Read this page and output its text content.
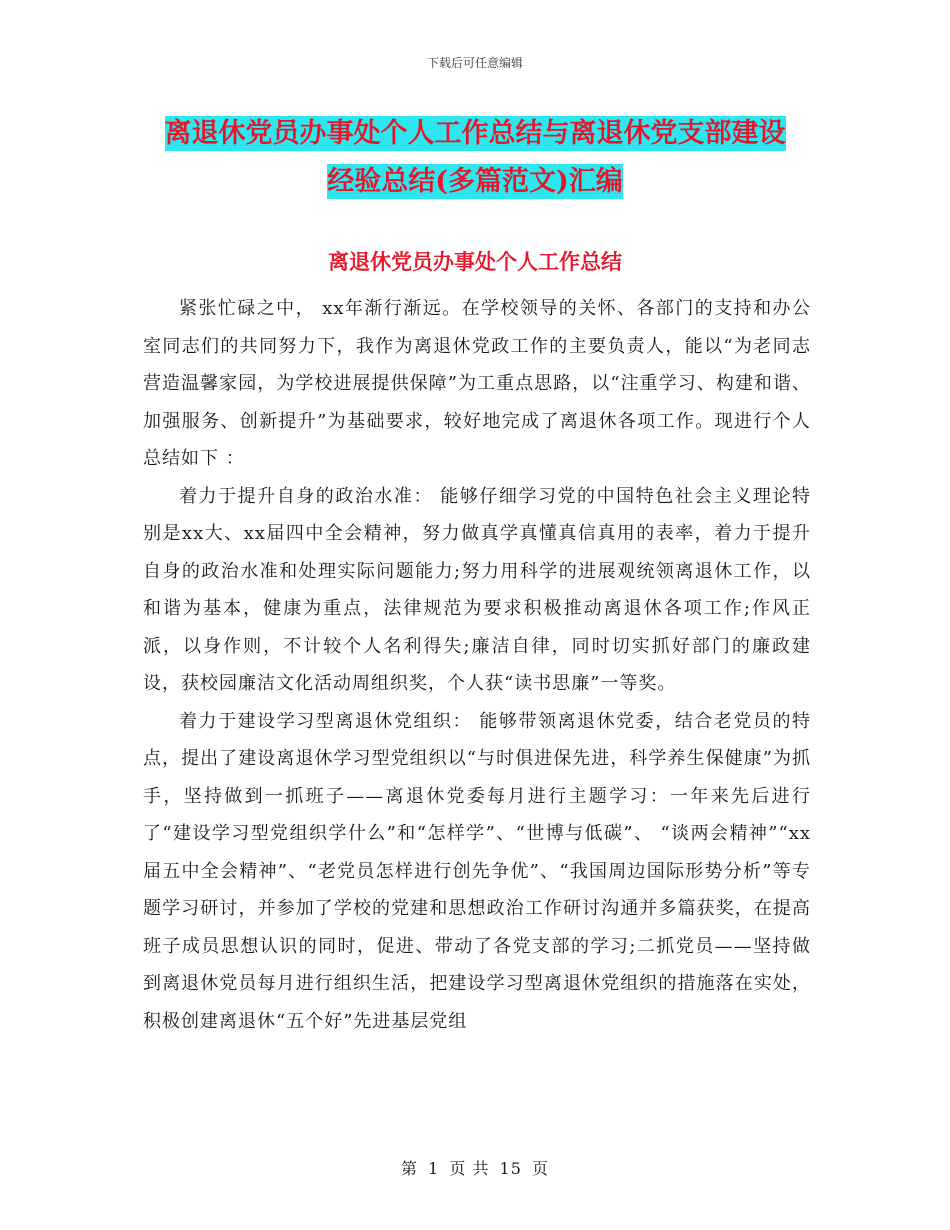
下载后可任意编辑
离退休党员办事处个人工作总结与离退休党支部建设
经验总结(多篇范文)汇编
离退休党员办事处个人工作总结

紧张忙碌之中， xx年渐行渐远。在学校领导的关怀、各部门的支持和办公室同志们的共同努力下，我作为离退休党政工作的主要负责人，能以“为老同志营造温馨家园，为学校进展提供保障”为工重点思路，以“注重学习、构建和谐、加强服务、创新提升”为基础要求，较好地完成了离退休各项工作。现进行个人总结如下 ：

着力于提升自身的政治水准： 能够仔细学习党的中国特色社会主义理论特别是xx大、xx届四中全会精神，努力做真学真懂真信真用的表率，着力于提升自身的政治水准和处理实际问题能力;努力用科学的进展观统领离退休工作，以和谐为基本，健康为重点，法律规范为要求积极推动离退休各项工作;作风正派，以身作则，不计较个人名利得失;廉洁自律，同时切实抓好部门的廉政建设，获校园廉洁文化活动周组织奖，个人获“读书思廉”一等奖。

着力于建设学习型离退休党组织： 能够带领离退休党委，结合老党员的特点，提出了建设离退休学习型党组织以“与时俱进保先进，科学养生保健康”为抓手，坚持做到一抓班子——离退休党委每月进行主题学习：一年来先后进行了“建设学习型党组织学什么”和“怎样学”、“世博与低碳”、 “谈两会精神”“xx届五中全会精神”、“老党员怎样进行创先争优”、“我国周边国际形势分析”等专题学习研讨，并参加了学校的党建和思想政治工作研讨沟通并多篇获奖，在提高班子成员思想认识的同时，促进、带动了各党支部的学习;二抓党员——坚持做到离退休党员每月进行组织生活，把建设学习型离退休党组织的措施落在实处，积极创建离退休“五个好”先进基层党组

第 1 页 共 15 页
